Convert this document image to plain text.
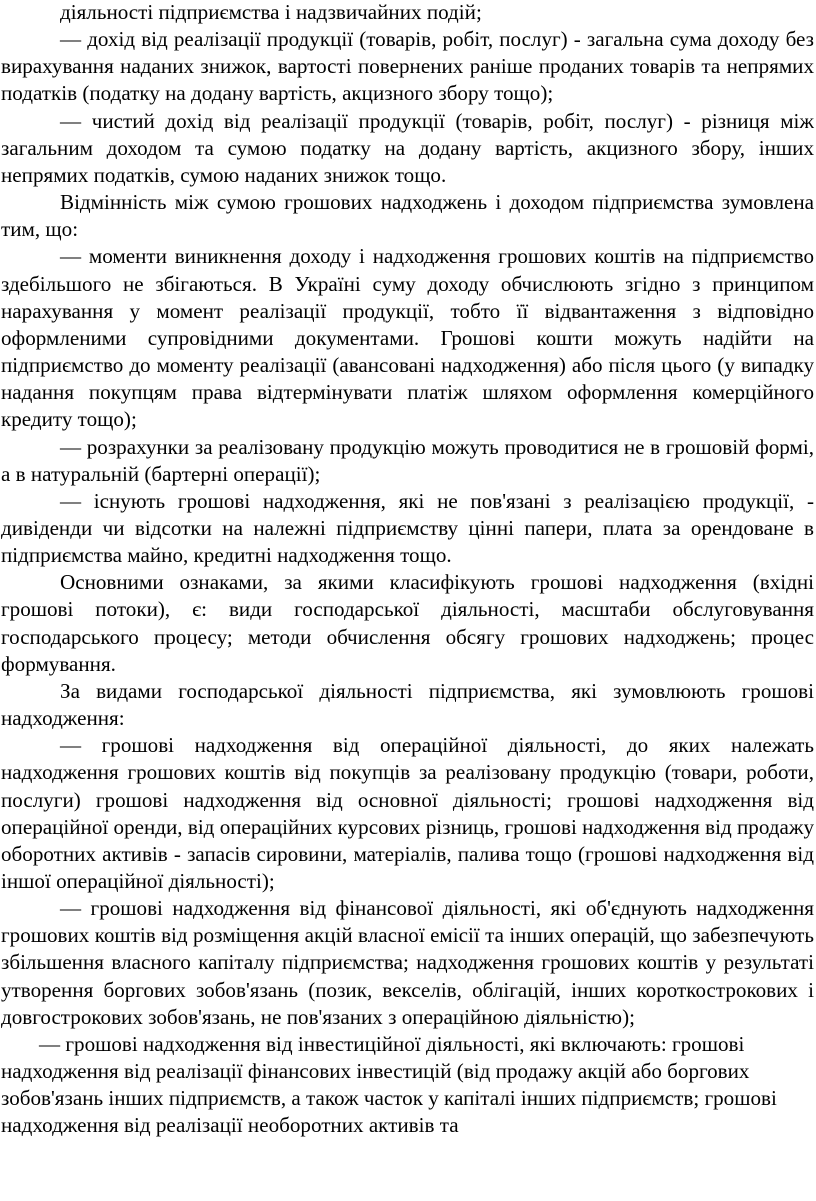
діяльності підприємства і надзвичайних подій;

— дохід від реалізації продукції (товарів, робіт, послуг) - загальна сума доходу без вирахування наданих знижок, вартості повернених раніше проданих товарів та непрямих податків (податку на додану вартість, акцизного збору тощо);

— чистий дохід від реалізації продукції (товарів, робіт, послуг) - різниця між загальним доходом та сумою податку на додану вартість, акцизного збору, інших непрямих податків, сумою наданих знижок тощо.

Відмінність між сумою грошових надходжень і доходом підприємства зумовлена тим, що:

— моменти виникнення доходу і надходження грошових коштів на підприємство здебільшого не збігаються. В Україні суму доходу обчислюють згідно з принципом нарахування у момент реалізації продукції, тобто її відвантаження з відповідно оформленими супровідними документами. Грошові кошти можуть надійти на підприємство до моменту реалізації (авансовані надходження) або після цього (у випадку надання покупцям права відтермінувати платіж шляхом оформлення комерційного кредиту тощо);

— розрахунки за реалізовану продукцію можуть проводитися не в грошовій формі, а в натуральній (бартерні операції);

— існують грошові надходження, які не пов'язані з реалізацією продукції, - дивіденди чи відсотки на належні підприємству цінні папери, плата за орендоване в підприємства майно, кредитні надходження тощо.

Основними ознаками, за якими класифікують грошові надходження (вхідні грошові потоки), є: види господарської діяльності, масштаби обслуговування господарського процесу; методи обчислення обсягу грошових надходжень; процес формування.

За видами господарської діяльності підприємства, які зумовлюють грошові надходження:

— грошові надходження від операційної діяльності, до яких належать надходження грошових коштів від покупців за реалізовану продукцію (товари, роботи, послуги) грошові надходження від основної діяльності; грошові надходження від операційної оренди, від операційних курсових різниць, грошові надходження від продажу оборотних активів - запасів сировини, матеріалів, палива тощо (грошові надходження від іншої операційної діяльності);

— грошові надходження від фінансової діяльності, які об'єднують надходження грошових коштів від розміщення акцій власної емісії та інших операцій, що забезпечують збільшення власного капіталу підприємства; надходження грошових коштів у результаті утворення боргових зобов'язань (позик, векселів, облігацій, інших короткострокових і довгострокових зобов'язань, не пов'язаних з операційною діяльністю);

— грошові надходження від інвестиційної діяльності, які включають: грошові надходження від реалізації фінансових інвестицій (від продажу акцій або боргових зобов'язань інших підприємств, а також часток у капіталі інших підприємств; грошові надходження від реалізації необоротних активів та
